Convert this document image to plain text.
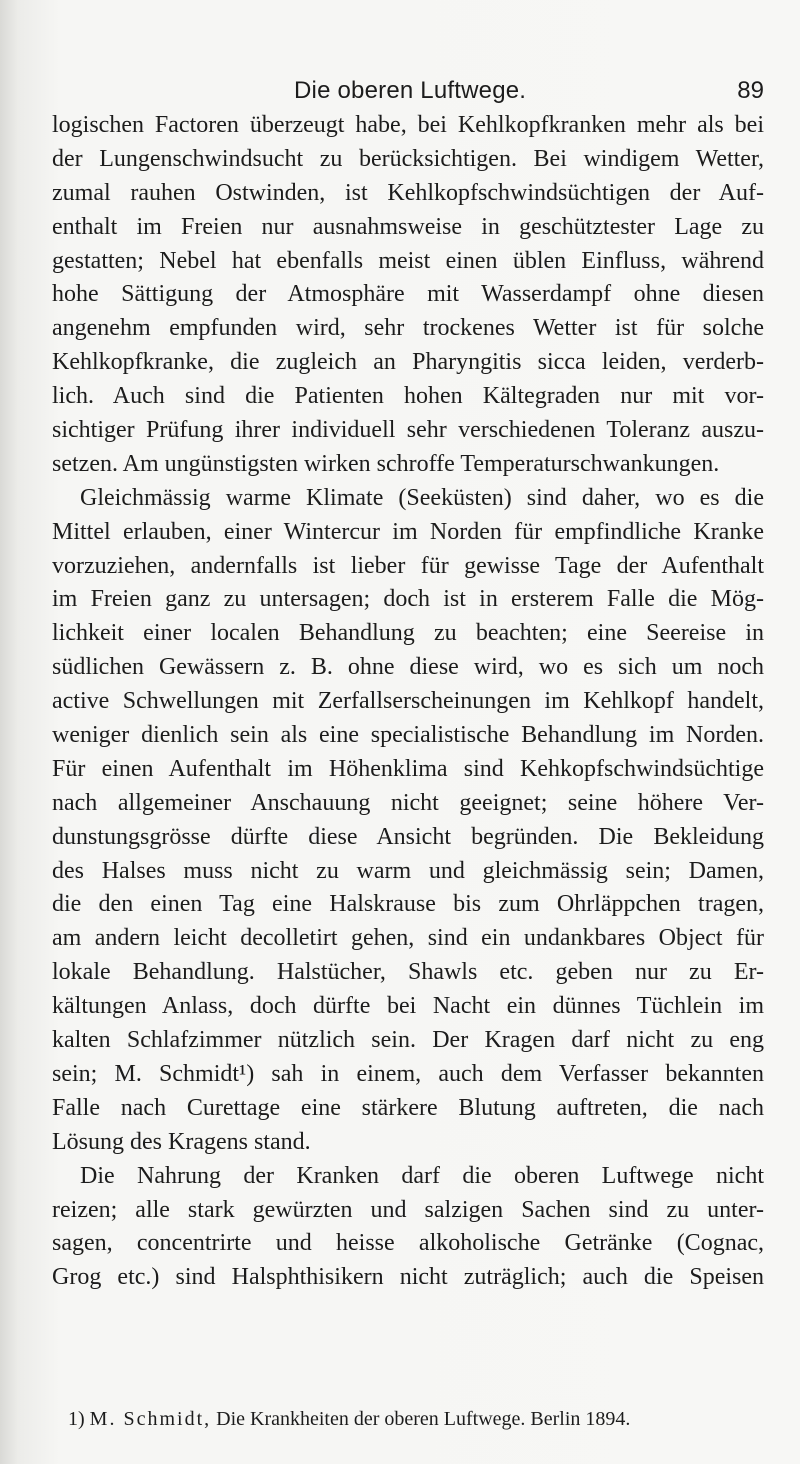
Die oberen Luftwege.	89
logischen Factoren überzeugt habe, bei Kehlkopfkranken mehr als bei
der Lungenschwindsucht zu berücksichtigen. Bei windigem Wetter,
zumal rauhen Ostwinden, ist Kehlkopfschwindsüchtigen der Auf-
enthalt im Freien nur ausnahmsweise in geschütztester Lage zu
gestatten; Nebel hat ebenfalls meist einen üblen Einfluss, während
hohe Sättigung der Atmosphäre mit Wasserdampf ohne diesen
angenehm empfunden wird, sehr trockenes Wetter ist für solche
Kehlkopfkranke, die zugleich an Pharyngitis sicca leiden, verderb-
lich. Auch sind die Patienten hohen Kältegraden nur mit vor-
sichtiger Prüfung ihrer individuell sehr verschiedenen Toleranz auszu-
setzen. Am ungünstigsten wirken schroffe Temperaturschwankungen.
Gleichmässig warme Klimate (Seeküsten) sind daher, wo es die
Mittel erlauben, einer Wintercur im Norden für empfindliche Kranke
vorzuziehen, andernfalls ist lieber für gewisse Tage der Aufenthalt
im Freien ganz zu untersagen; doch ist in ersterem Falle die Mög-
lichkeit einer localen Behandlung zu beachten; eine Seereise in
südlichen Gewässern z. B. ohne diese wird, wo es sich um noch
active Schwellungen mit Zerfallserscheinungen im Kehlkopf handelt,
weniger dienlich sein als eine specialistische Behandlung im Norden.
Für einen Aufenthalt im Höhenklima sind Kehkopfschwindsüchtige
nach allgemeiner Anschauung nicht geeignet; seine höhere Ver-
dunstungsgrösse dürfte diese Ansicht begründen. Die Bekleidung
des Halses muss nicht zu warm und gleichmässig sein; Damen,
die den einen Tag eine Halskrause bis zum Ohrläppchen tragen,
am andern leicht decolletirt gehen, sind ein undankbares Object für
lokale Behandlung. Halstücher, Shawls etc. geben nur zu Er-
kältungen Anlass, doch dürfte bei Nacht ein dünnes Tüchlein im
kalten Schlafzimmer nützlich sein. Der Kragen darf nicht zu eng
sein; M. Schmidt¹) sah in einem, auch dem Verfasser bekannten
Falle nach Curettage eine stärkere Blutung auftreten, die nach
Lösung des Kragens stand.
Die Nahrung der Kranken darf die oberen Luftwege nicht
reizen; alle stark gewürzten und salzigen Sachen sind zu unter-
sagen, concentrirte und heisse alkoholische Getränke (Cognac,
Grog etc.) sind Halsphthisikern nicht zuträglich; auch die Speisen
1) M. Schmidt, Die Krankheiten der oberen Luftwege. Berlin 1894.
